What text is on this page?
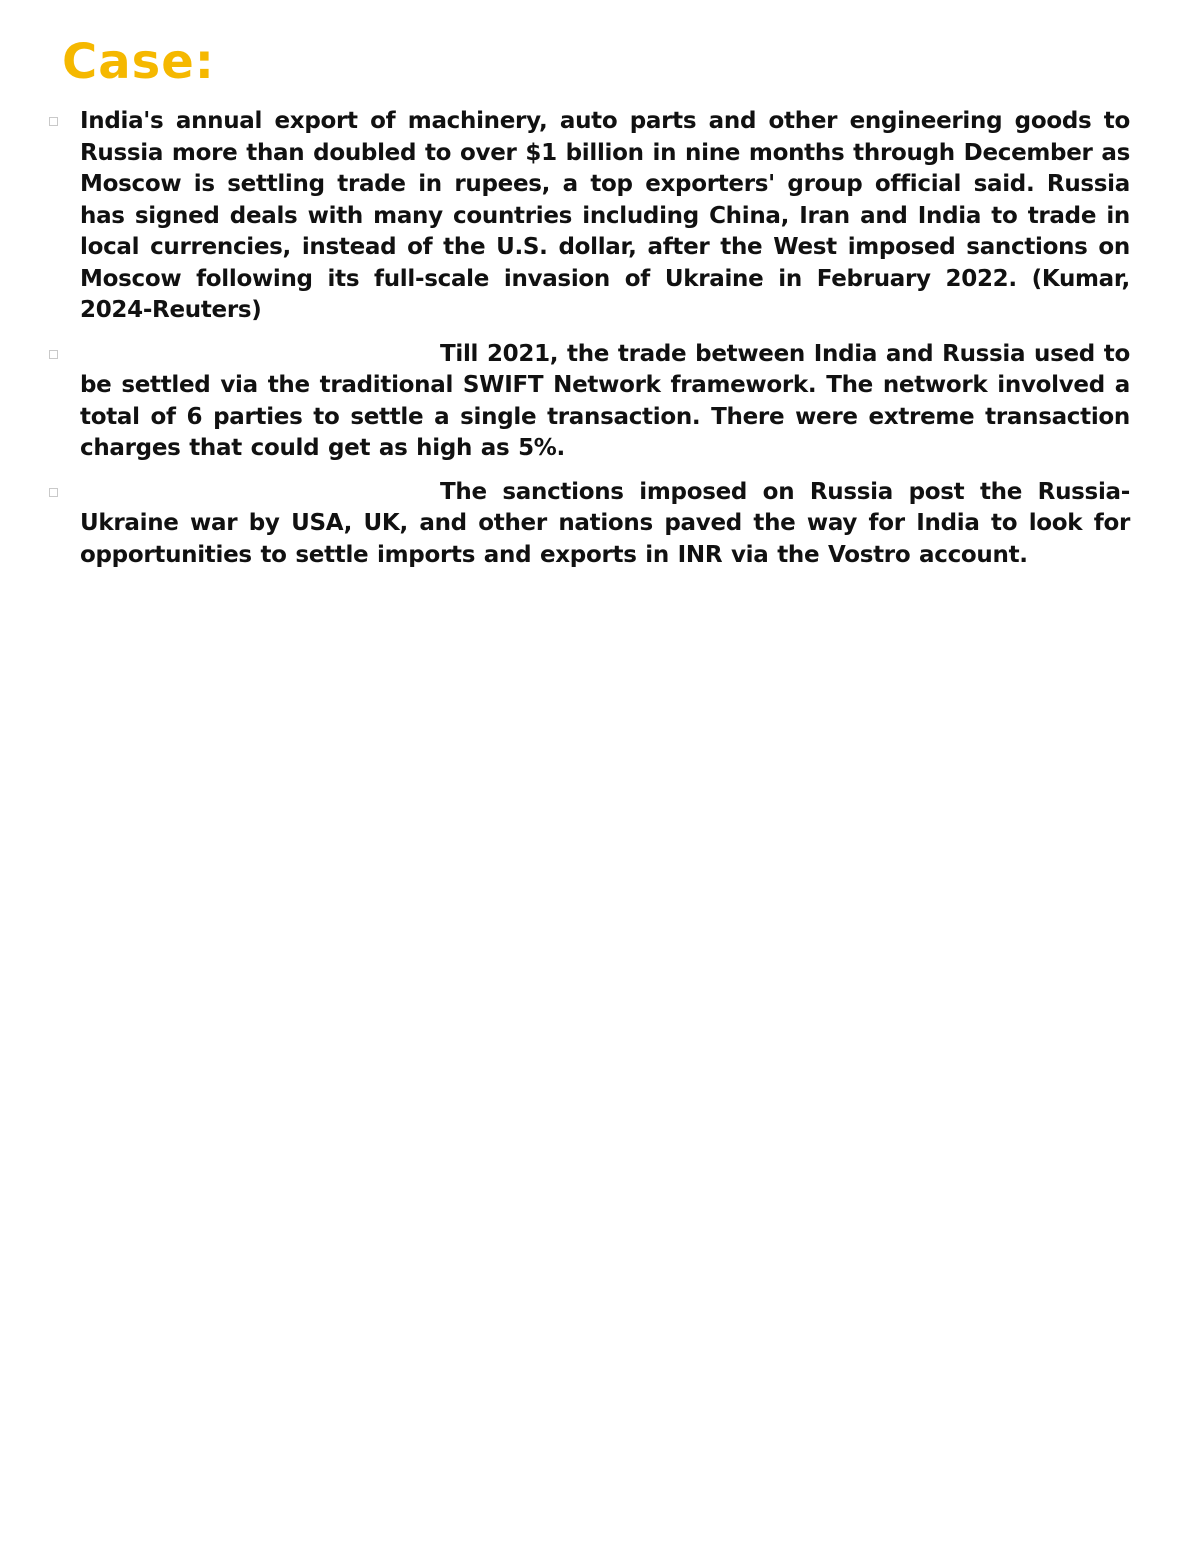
Case:

India's annual export of machinery, auto parts and other engineering goods to Russia more than doubled to over $1 billion in nine months through December as Moscow is settling trade in rupees, a top exporters' group official said. Russia has signed deals with many countries including China, Iran and India to trade in local currencies, instead of the U.S. dollar, after the West imposed sanctions on Moscow following its full-scale invasion of Ukraine in February 2022. (Kumar, 2024-Reuters)

Till 2021, the trade between India and Russia used to be settled via the traditional SWIFT Network framework. The network involved a total of 6 parties to settle a single transaction. There were extreme transaction charges that could get as high as 5%.

The sanctions imposed on Russia post the Russia-Ukraine war by USA, UK, and other nations paved the way for India to look for opportunities to settle imports and exports in INR via the Vostro account.
